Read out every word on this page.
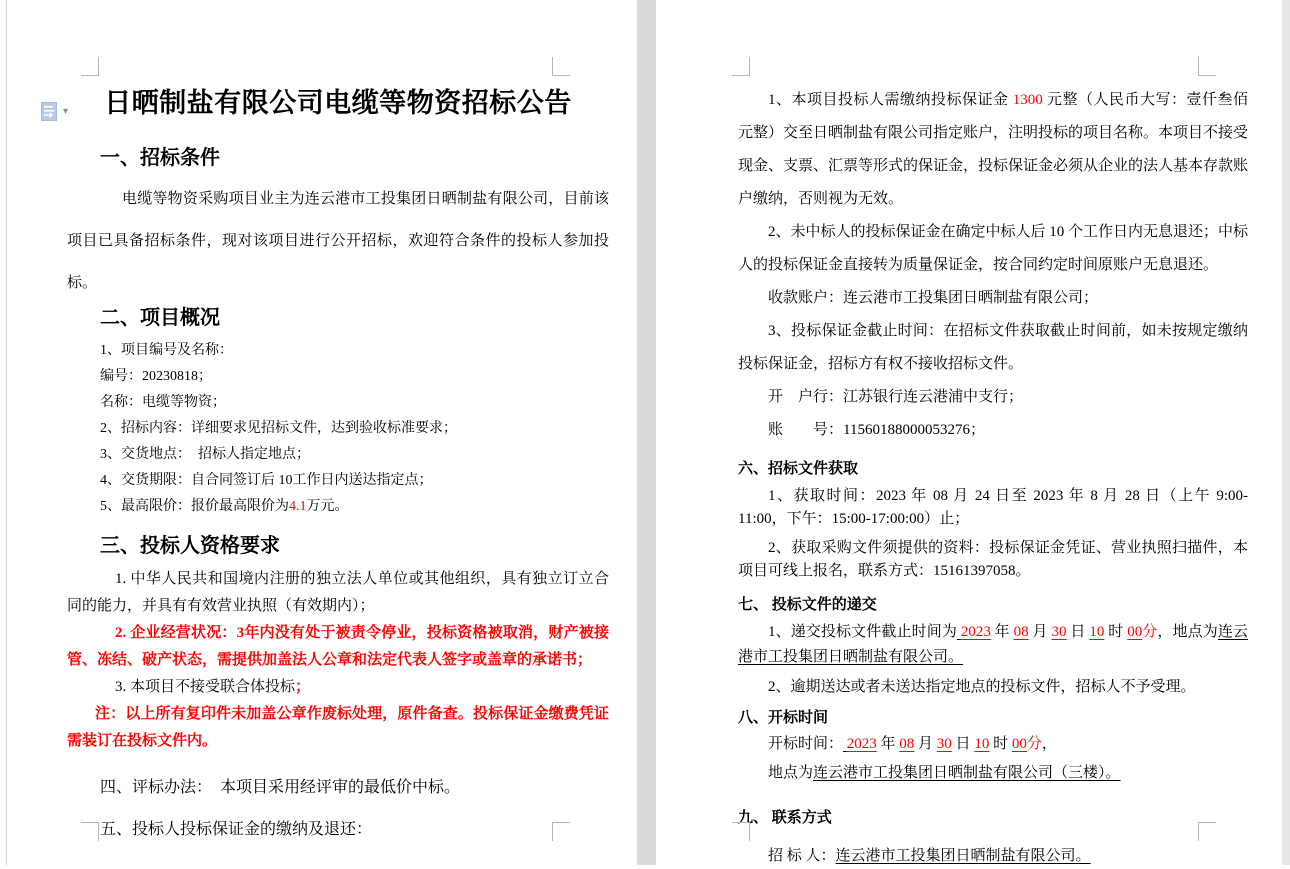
▾	日晒制盐有限公司电缆等物资招标公告
一、招标条件

电缆等物资采购项目业主为连云港市工投集团日晒制盐有限公司，目前该项目已具备招标条件，现对该项目进行公开招标，欢迎符合条件的投标人参加投标。

二、项目概况
1、项目编号及名称：
编号：20230818；
名称：电缆等物资；
2、招标内容：详细要求见招标文件，达到验收标准要求；
3、交货地点：　招标人指定地点；
4、交货期限：自合同签订后 10工作日内送达指定点；
5、最高限价：报价最高限价为4.1万元。
三、投标人资格要求

1. 中华人民共和国境内注册的独立法人单位或其他组织，具有独立订立合同的能力，并具有有效营业执照（有效期内）；

2. 企业经营状况：3年内没有处于被责令停业，投标资格被取消，财产被接管、冻结、破产状态，需提供加盖法人公章和法定代表人签字或盖章的承诺书；

3. 本项目不接受联合体投标；

注：以上所有复印件未加盖公章作废标处理，原件备查。投标保证金缴费凭证需装订在投标文件内。

四、评标办法：　本项目采用经评审的最低价中标。

五、投标人投标保证金的缴纳及退还：

1、本项目投标人需缴纳投标保证金 1300 元整（人民币大写：壹仟叁佰元整）交至日晒制盐有限公司指定账户，注明投标的项目名称。本项目不接受现金、支票、汇票等形式的保证金，投标保证金必须从企业的法人基本存款账户缴纳，否则视为无效。

2、未中标人的投标保证金在确定中标人后 10 个工作日内无息退还；中标人的投标保证金直接转为质量保证金，按合同约定时间原账户无息退还。

收款账户：连云港市工投集团日晒制盐有限公司；

3、投标保证金截止时间：在招标文件获取截止时间前，如未按规定缴纳投标保证金，招标方有权不接收招标文件。

开　户行：江苏银行连云港浦中支行；

账　　号：11560188000053276；

六、招标文件获取

1、获取时间：2023 年 08 月 24 日至 2023 年 8 月 28 日（上午 9:00-11:00，下午：15:00-17:00:00）止；

2、获取采购文件须提供的资料：投标保证金凭证、营业执照扫描件，本项目可线上报名，联系方式：15161397058。

七、 投标文件的递交

1、递交投标文件截止时间为 2023 年 08 月 30 日 10 时 00分，地点为连云港市工投集团日晒制盐有限公司。

2、逾期送达或者未送达指定地点的投标文件，招标人不予受理。

八、开标时间

开标时间： 2023 年 08 月 30 日 10 时 00分，

地点为连云港市工投集团日晒制盐有限公司（三楼）。

九、 联系方式

招 标 人：连云港市工投集团日晒制盐有限公司。
